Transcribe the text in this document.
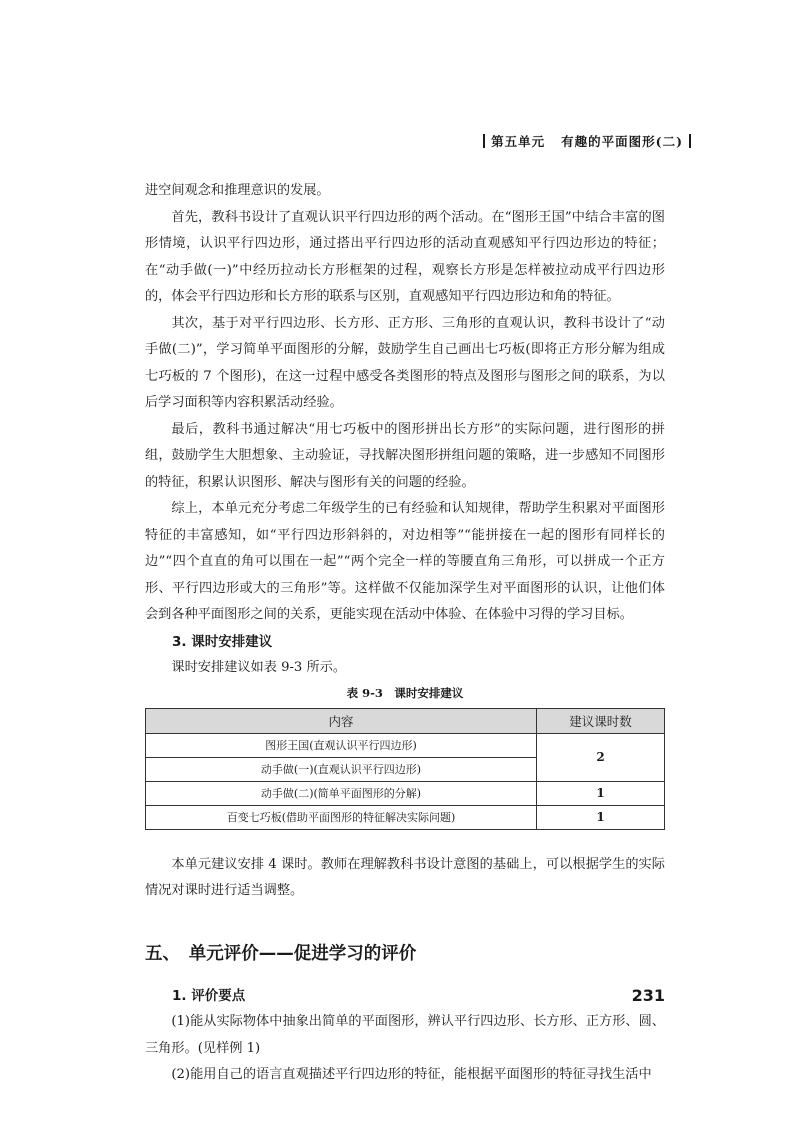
第五单元 有趣的平面图形(二)

进空间观念和推理意识的发展。

首先，教科书设计了直观认识平行四边形的两个活动。在“图形王国”中结合丰富的图形情境，认识平行四边形，通过搭出平行四边形的活动直观感知平行四边形边的特征；在“动手做(一)”中经历拉动长方形框架的过程，观察长方形是怎样被拉动成平行四边形的，体会平行四边形和长方形的联系与区别，直观感知平行四边形边和角的特征。

其次，基于对平行四边形、长方形、正方形、三角形的直观认识，教科书设计了“动手做(二)”，学习简单平面图形的分解，鼓励学生自己画出七巧板(即将正方形分解为组成七巧板的 7 个图形)，在这一过程中感受各类图形的特点及图形与图形之间的联系，为以后学习面积等内容积累活动经验。

最后，教科书通过解决“用七巧板中的图形拼出长方形”的实际问题，进行图形的拼组，鼓励学生大胆想象、主动验证，寻找解决图形拼组问题的策略，进一步感知不同图形的特征，积累认识图形、解决与图形有关的问题的经验。

综上，本单元充分考虑二年级学生的已有经验和认知规律，帮助学生积累对平面图形特征的丰富感知，如“平行四边形斜斜的，对边相等”“能拼接在一起的图形有同样长的边”“四个直直的角可以围在一起”“两个完全一样的等腰直角三角形，可以拼成一个正方形、平行四边形或大的三角形”等。这样做不仅能加深学生对平面图形的认识，让他们体会到各种平面图形之间的关系，更能实现在活动中体验、在体验中习得的学习目标。

3. 课时安排建议

课时安排建议如表 9-3 所示。

表 9-3　课时安排建议
内容	建议课时数
图形王国(直观认识平行四边形)	2
动手做(一)(直观认识平行四边形)	
动手做(二)(简单平面图形的分解)	1
百变七巧板(借助平面图形的特征解决实际问题)	1

本单元建议安排 4 课时。教师在理解教科书设计意图的基础上，可以根据学生的实际情况对课时进行适当调整。

五、　单元评价——促进学习的评价
1. 评价要点

(1)能从实际物体中抽象出简单的平面图形，辨认平行四边形、长方形、正方形、圆、三角形。(见样例 1)

(2)能用自己的语言直观描述平行四边形的特征，能根据平面图形的特征寻找生活中

231
